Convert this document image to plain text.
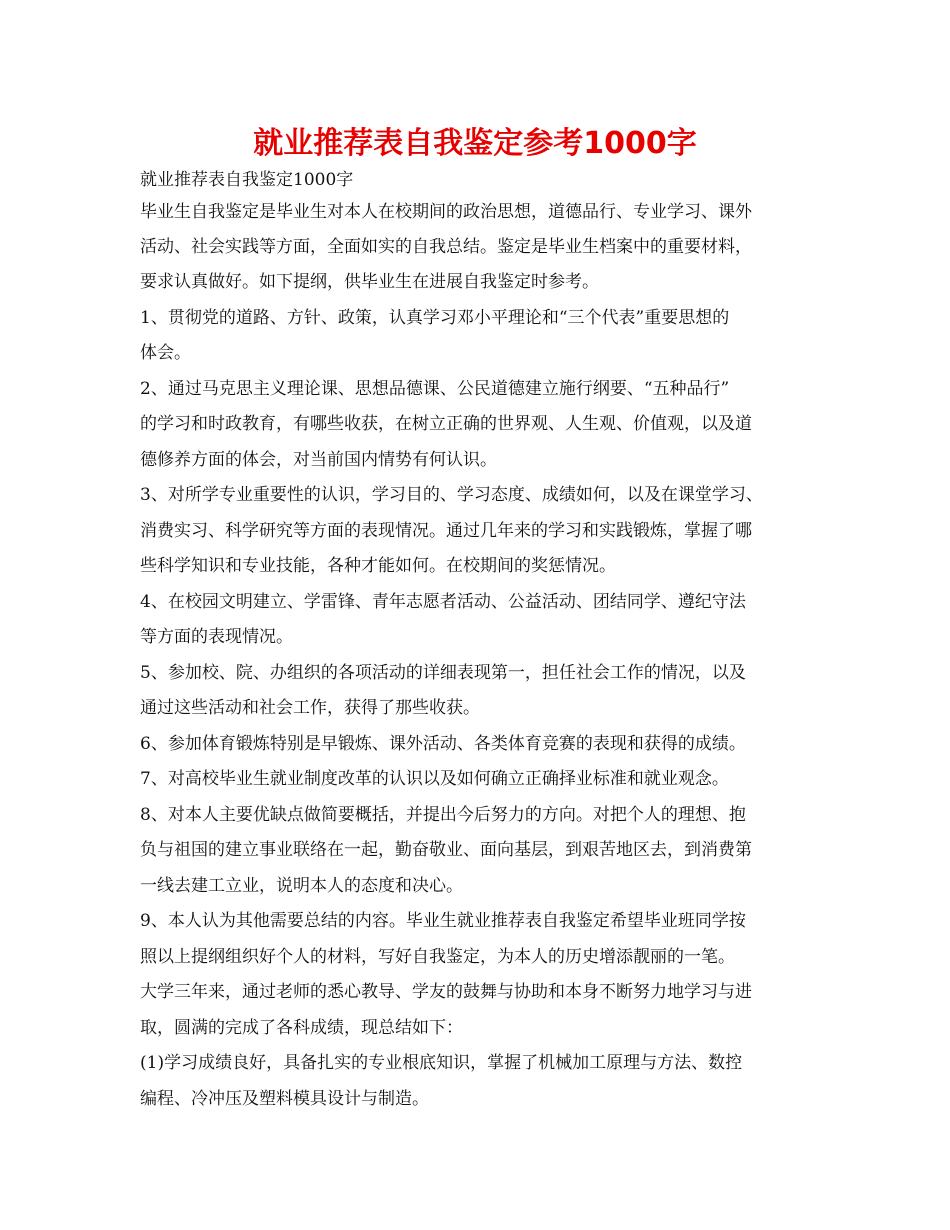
就业推荐表自我鉴定参考1000字
就业推荐表自我鉴定1000字
毕业生自我鉴定是毕业生对本人在校期间的政治思想，道德品行、专业学习、课外
活动、社会实践等方面，全面如实的自我总结。鉴定是毕业生档案中的重要材料，
要求认真做好。如下提纲，供毕业生在进展自我鉴定时参考。
1、贯彻党的道路、方针、政策，认真学习邓小平理论和“三个代表”重要思想的
体会。
2、通过马克思主义理论课、思想品德课、公民道德建立施行纲要、“五种品行”
的学习和时政教育，有哪些收获，在树立正确的世界观、人生观、价值观，以及道
德修养方面的体会，对当前国内情势有何认识。
3、对所学专业重要性的认识，学习目的、学习态度、成绩如何，以及在课堂学习、
消费实习、科学研究等方面的表现情况。通过几年来的学习和实践锻炼，掌握了哪
些科学知识和专业技能，各种才能如何。在校期间的奖惩情况。
4、在校园文明建立、学雷锋、青年志愿者活动、公益活动、团结同学、遵纪守法
等方面的表现情况。
5、参加校、院、办组织的各项活动的详细表现第一，担任社会工作的情况，以及
通过这些活动和社会工作，获得了那些收获。
6、参加体育锻炼特别是早锻炼、课外活动、各类体育竞赛的表现和获得的成绩。
7、对高校毕业生就业制度改革的认识以及如何确立正确择业标准和就业观念。
8、对本人主要优缺点做简要概括，并提出今后努力的方向。对把个人的理想、抱
负与祖国的建立事业联络在一起，勤奋敬业、面向基层，到艰苦地区去，到消费第
一线去建工立业，说明本人的态度和决心。
9、本人认为其他需要总结的内容。毕业生就业推荐表自我鉴定希望毕业班同学按
照以上提纲组织好个人的材料，写好自我鉴定，为本人的历史增添靓丽的一笔。
大学三年来，通过老师的悉心教导、学友的鼓舞与协助和本身不断努力地学习与进
取，圆满的完成了各科成绩，现总结如下：
(1)学习成绩良好，具备扎实的专业根底知识，掌握了机械加工原理与方法、数控
编程、冷冲压及塑料模具设计与制造。
